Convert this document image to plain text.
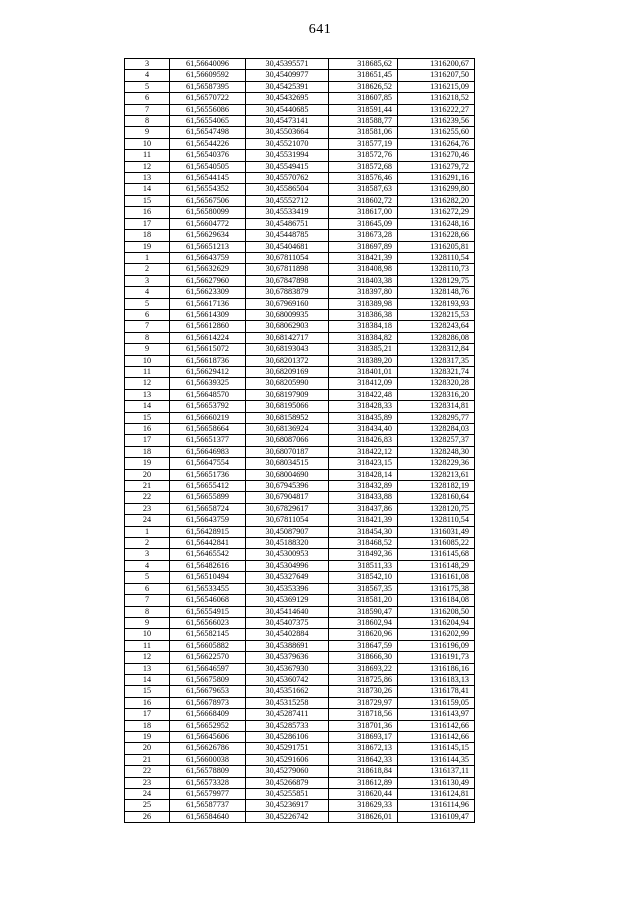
641
3	61,56640096	30,45395571	318685,62	1316200,67
4	61,56609592	30,45409977	318651,45	1316207,50
5	61,56587395	30,45425391	318626,52	1316215,09
6	61,56570722	30,45432695	318607,85	1316218,52
7	61,56556086	30,45440685	318591,44	1316222,27
8	61,56554065	30,45473141	318588,77	1316239,56
9	61,56547498	30,45503664	318581,06	1316255,60
10	61,56544226	30,45521070	318577,19	1316264,76
11	61,56540376	30,45531994	318572,76	1316270,46
12	61,56540505	30,45549415	318572,68	1316279,72
13	61,56544145	30,45570762	318576,46	1316291,16
14	61,56554352	30,45586504	318587,63	1316299,80
15	61,56567506	30,45552712	318602,72	1316282,20
16	61,56580099	30,45533419	318617,00	1316272,29
17	61,56604772	30,45486751	318645,09	1316248,16
18	61,56629634	30,45448785	318673,28	1316228,66
19	61,56651213	30,45404681	318697,89	1316205,81
1	61,56643759	30,67811054	318421,39	1328110,54
2	61,56632629	30,67811898	318408,98	1328110,73
3	61,56627960	30,67847898	318403,38	1328129,75
4	61,56623309	30,67883879	318397,80	1328148,76
5	61,56617136	30,67969160	318389,98	1328193,93
6	61,56614309	30,68009935	318386,38	1328215,53
7	61,56612860	30,68062903	318384,18	1328243,64
8	61,56614224	30,68142717	318384,82	1328286,08
9	61,56615072	30,68193043	318385,21	1328312,84
10	61,56618736	30,68201372	318389,20	1328317,35
11	61,56629412	30,68209169	318401,01	1328321,74
12	61,56639325	30,68205990	318412,09	1328320,28
13	61,56648570	30,68197909	318422,48	1328316,20
14	61,56653792	30,68195066	318428,33	1328314,81
15	61,56660219	30,68158952	318435,89	1328295,77
16	61,56658664	30,68136924	318434,40	1328284,03
17	61,56651377	30,68087066	318426,83	1328257,37
18	61,56646983	30,68070187	318422,12	1328248,30
19	61,56647554	30,68034515	318423,15	1328229,36
20	61,56651736	30,68004690	318428,14	1328213,61
21	61,56655412	30,67945396	318432,89	1328182,19
22	61,56655899	30,67904817	318433,88	1328160,64
23	61,56658724	30,67829617	318437,86	1328120,75
24	61,56643759	30,67811054	318421,39	1328110,54
1	61,56428915	30,45087907	318454,30	1316031,49
2	61,56442841	30,45188320	318468,52	1316085,22
3	61,56465542	30,45300953	318492,36	1316145,68
4	61,56482616	30,45304996	318511,33	1316148,29
5	61,56510494	30,45327649	318542,10	1316161,08
6	61,56533455	30,45353396	318567,35	1316175,38
7	61,56546068	30,45369129	318581,20	1316184,08
8	61,56554915	30,45414640	318590,47	1316208,50
9	61,56566023	30,45407375	318602,94	1316204,94
10	61,56582145	30,45402884	318620,96	1316202,99
11	61,56605882	30,45388691	318647,59	1316196,09
12	61,56622570	30,45379636	318666,30	1316191,73
13	61,56646597	30,45367930	318693,22	1316186,16
14	61,56675809	30,45360742	318725,86	1316183,13
15	61,56679653	30,45351662	318730,26	1316178,41
16	61,56678973	30,45315258	318729,97	1316159,05
17	61,56668409	30,45287411	318718,56	1316143,97
18	61,56652952	30,45285733	318701,36	1316142,66
19	61,56645606	30,45286106	318693,17	1316142,66
20	61,56626786	30,45291751	318672,13	1316145,15
21	61,56600038	30,45291606	318642,33	1316144,35
22	61,56578809	30,45279060	318618,84	1316137,11
23	61,56573328	30,45266879	318612,89	1316130,49
24	61,56579977	30,45255851	318620,44	1316124,81
25	61,56587737	30,45236917	318629,33	1316114,96
26	61,56584640	30,45226742	318626,01	1316109,47
